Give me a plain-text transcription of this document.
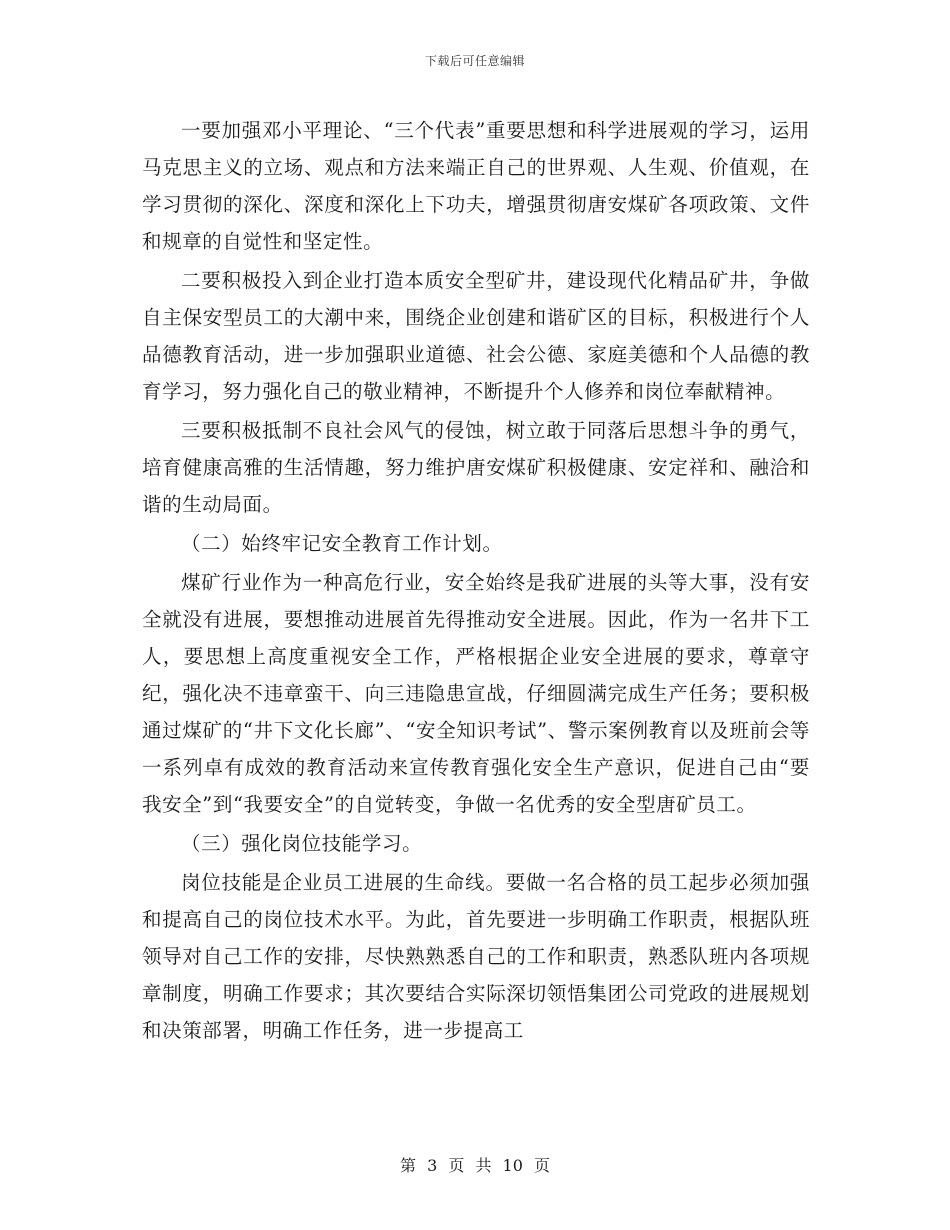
下载后可任意编辑

一要加强邓小平理论、“三个代表”重要思想和科学进展观的学习，运用马克思主义的立场、观点和方法来端正自己的世界观、人生观、价值观，在学习贯彻的深化、深度和深化上下功夫，增强贯彻唐安煤矿各项政策、文件和规章的自觉性和坚定性。

二要积极投入到企业打造本质安全型矿井，建设现代化精品矿井，争做自主保安型员工的大潮中来，围绕企业创建和谐矿区的目标，积极进行个人品德教育活动，进一步加强职业道德、社会公德、家庭美德和个人品德的教育学习，努力强化自己的敬业精神，不断提升个人修养和岗位奉献精神。

三要积极抵制不良社会风气的侵蚀，树立敢于同落后思想斗争的勇气，培育健康高雅的生活情趣，努力维护唐安煤矿积极健康、安定祥和、融洽和谐的生动局面。

（二）始终牢记安全教育工作计划。

煤矿行业作为一种高危行业，安全始终是我矿进展的头等大事，没有安全就没有进展，要想推动进展首先得推动安全进展。因此，作为一名井下工人，要思想上高度重视安全工作，严格根据企业安全进展的要求，尊章守纪，强化决不违章蛮干、向三违隐患宣战，仔细圆满完成生产任务；要积极通过煤矿的“井下文化长廊”、“安全知识考试”、警示案例教育以及班前会等一系列卓有成效的教育活动来宣传教育强化安全生产意识，促进自己由“要我安全”到“我要安全”的自觉转变，争做一名优秀的安全型唐矿员工。

（三）强化岗位技能学习。

岗位技能是企业员工进展的生命线。要做一名合格的员工起步必须加强和提高自己的岗位技术水平。为此，首先要进一步明确工作职责，根据队班领导对自己工作的安排，尽快熟熟悉自己的工作和职责，熟悉队班内各项规章制度，明确工作要求；其次要结合实际深切领悟集团公司党政的进展规划和决策部署，明确工作任务，进一步提高工

第 3 页 共 10 页
